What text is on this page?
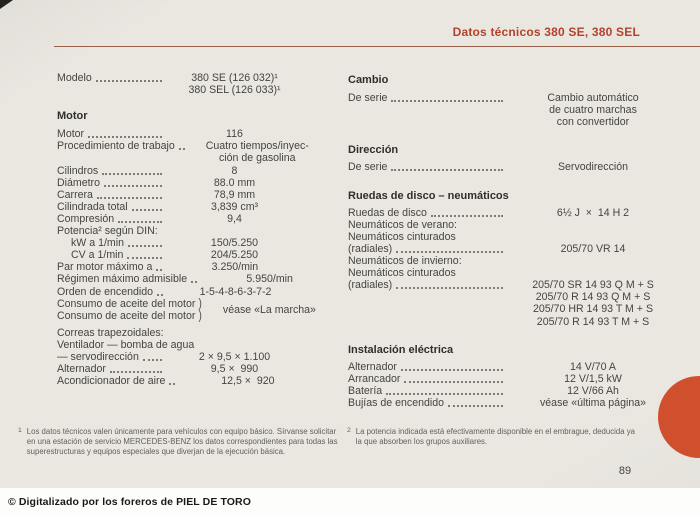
Datos técnicos 380 SE, 380 SEL
Modelo	380 SE (126 032)¹
380 SEL (126 033)¹
Motor
Motor	116
Procedimiento de trabajo	Cuatro tiempos/inyec-
ción de gasolina
Cilindros	8
Diámetro	88.0 mm
Carrera	78,9 mm
Cilindrada total	3,839 cm³
Compresión	9,4
Potencia² según DIN:
kW a 1/min	150/5.250
CV a 1/min	204/5.250
Par motor máximo a	3.250/min
Régimen máximo admisible	5.950/min
Orden de encendido	1-5-4-8-6-3-7-2
Consumo de aceite del motor )
Consumo de aceite del motor )	véase «La marcha»
Correas trapezoidales:
Ventilador — bomba de agua
— servodirección	2 × 9,5 × 1.100
Alternador	9,5 ×  990
Acondicionador de aire	12,5 ×  920
Cambio
De serie	Cambio automático
de cuatro marchas
con convertidor
Dirección
De serie	Servodirección
Ruedas de disco – neumáticos
Ruedas de disco	6½ J  ×  14 H 2
Neumáticos de verano:
Neumáticos cinturados
(radiales)	205/70 VR 14
Neumáticos de invierno:
Neumáticos cinturados
(radiales)	205/70 SR 14 93 Q M + S
205/70 R 14 93 Q M + S
205/70 HR 14 93 T M + S
205/70 R 14 93 T M + S
Instalación eléctrica
Alternador	14 V/70 A
Arrancador	12 V/1,5 kW
Batería	12 V/66 Ah
Bujías de encendido	véase «última página»
1 Los datos técnicos valen únicamente para vehículos con equipo básico. Sírvanse solicitar en una estación de servicio MERCEDES-BENZ los datos correspondientes para todas las superestructuras y equipos especiales que diverjan de la ejecución básica.
2 La potencia indicada está efectivamente disponible en el embrague, deducida ya la que absorben los grupos auxiliares.
89
© Digitalizado por los foreros de PIEL DE TORO
